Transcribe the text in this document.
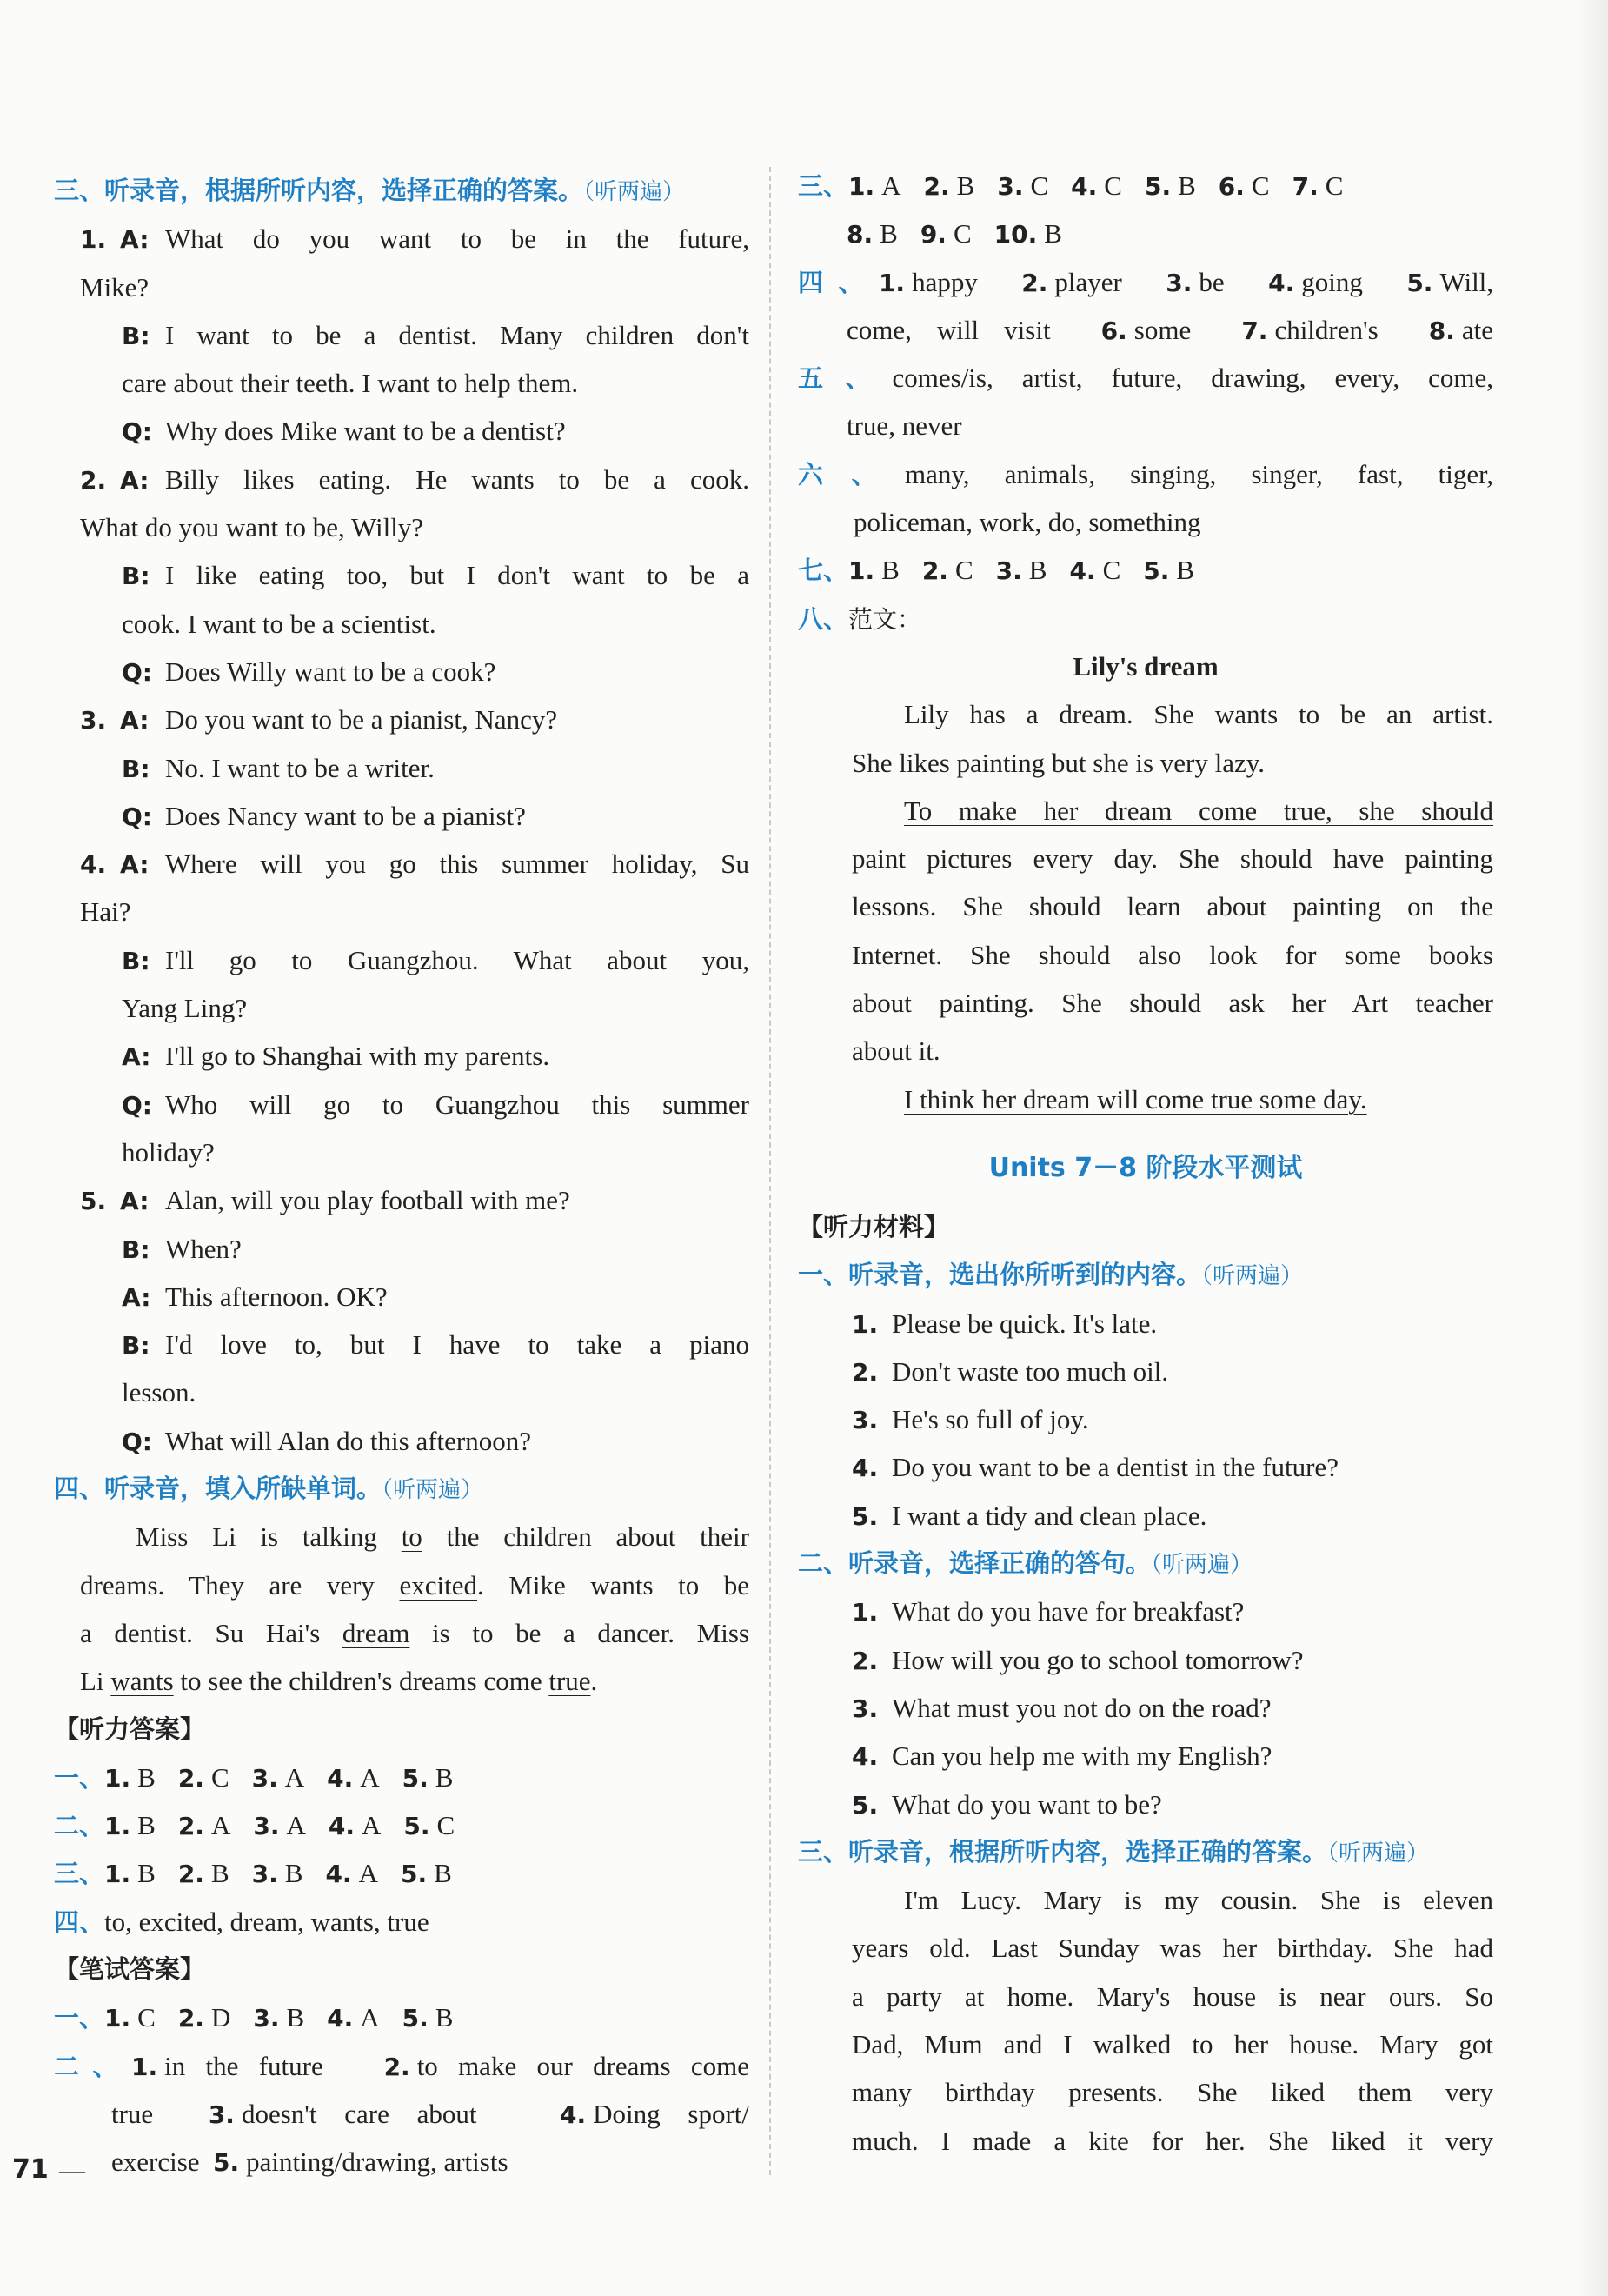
三、听录音，根据所听内容，选择正确的答案。（听两遍）
1. A: What do you want to be in the future,
Mike?
B: I want to be a dentist. Many children don't
care about their teeth. I want to help them.
Q: Why does Mike want to be a dentist?
2. A: Billy likes eating. He wants to be a cook.
What do you want to be, Willy?
B: I like eating too, but I don't want to be a
cook. I want to be a scientist.
Q: Does Willy want to be a cook?
3. A: Do you want to be a pianist, Nancy?
B: No. I want to be a writer.
Q: Does Nancy want to be a pianist?
4. A: Where will you go this summer holiday, Su
Hai?
B: I'll go to Guangzhou. What about you,
Yang Ling?
A: I'll go to Shanghai with my parents.
Q: Who will go to Guangzhou this summer
holiday?
5. A: Alan, will you play football with me?
B: When?
A: This afternoon. OK?
B: I'd love to, but I have to take a piano
lesson.
Q: What will Alan do this afternoon?
四、听录音，填入所缺单词。（听两遍）
Miss Li is talking to the children about their
dreams. They are very excited. Mike wants to be
a dentist. Su Hai's dream is to be a dancer. Miss
Li wants to see the children's dreams come true.
【听力答案】
一、1. B 2. C 3. A 4. A 5. B
二、1. B 2. A 3. A 4. A 5. C
三、1. B 2. B 3. B 4. A 5. B
四、to, excited, dream, wants, true
【笔试答案】
一、1. C 2. D 3. B 4. A 5. B
二、1. in the future 2. to make our dreams come
true 3. doesn't care about	4. Doing sport/
exercise 5. painting/drawing, artists
三、1. A 2. B 3. C 4. C 5. B 6. C 7. C
8. B 9. C 10. B
四、1. happy 2. player 3. be 4. going 5. Will,
come, will visit 6. some 7. children's 8. ate
五、comes/is, artist, future, drawing, every, come,
true, never
六、many, animals, singing, singer, fast, tiger,
policeman, work, do, something
七、1. B 2. C 3. B 4. C 5. B
八、范文：
Lily's dream
Lily has a dream. She wants to be an artist.
She likes painting but she is very lazy.
To make her dream come true, she should
paint pictures every day. She should have painting
lessons. She should learn about painting on the
Internet. She should also look for some books
about painting. She should ask her Art teacher
about it.
I think her dream will come true some day.
Units 7－8 阶段水平测试
【听力材料】
一、听录音，选出你所听到的内容。（听两遍）
1. Please be quick. It's late.
2. Don't waste too much oil.
3. He's so full of joy.
4. Do you want to be a dentist in the future?
5. I want a tidy and clean place.
二、听录音，选择正确的答句。（听两遍）
1. What do you have for breakfast?
2. How will you go to school tomorrow?
3. What must you not do on the road?
4. Can you help me with my English?
5. What do you want to be?
三、听录音，根据所听内容，选择正确的答案。（听两遍）
I'm Lucy. Mary is my cousin. She is eleven
years old. Last Sunday was her birthday. She had
a party at home. Mary's house is near ours. So
Dad, Mum and I walked to her house. Mary got
many birthday presents. She liked them very
much. I made a kite for her. She liked it very
71
